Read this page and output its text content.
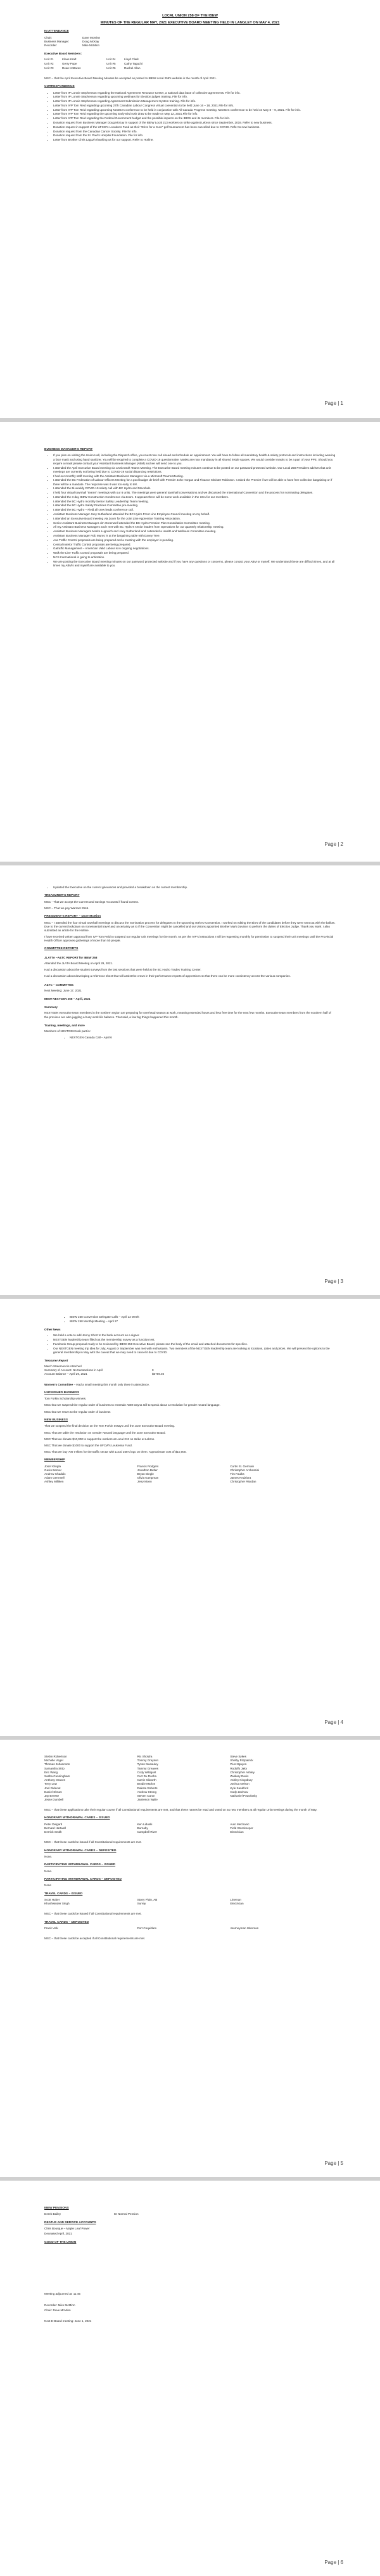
LOCAL UNION 258 OF THE IBEW
MINUTES OF THE REGULAR MAY, 2021 EXECUTIVE BOARD MEETING HELD IN LANGLEY ON MAY 4, 2021
IN ATTENDANCE
Chair:	Dave McMinn
Business Manager:	Doug McKay
Recorder:	Mike McMinn
Executive Board Members:
Unit #1	Klaus Kraft	Unit #4	Lloyd Clark
Unit #2	Gerry Pope	Unit #5	Cathy Taguchi
Unit #3	Dean Kottaras	Unit #6	Rachel Allan

MSC – that the April Executive Board Meeting Minutes be accepted as posted to IBEW Local 258's website in the month of April 2021.

CORRESPONDENCE
• Letter from IP Lonnie Stephenson regarding the National Agreement Resource Center, a national data base of collective agreements. File for info.
• Letter from IP Lonnie Stephenson regarding upcoming webinars for Election judges training. File for info.
• Letter from IP Lonnie Stephenson regarding Agreement Submission Management System training. File for info.
• Letter from IVP Tom Reid regarding upcoming 27th Canadian Labour Congress virtual convention to be held June 16 – 18, 2021.File for info.
• Letter from IVP Tom Reid regarding upcoming NextGen conference to be held in conjunction with All Canada Progress meeting. NextGen conference to be held on May 8 – 9, 2021. File for info.
• Letter from IVP Tom Reid regarding the upcoming Early Bird rush draw to be made on May 12, 2021.File for info.
• Letter from IVP Tom Reid regarding the Federal Government budget and the possible impacts on the IBEW and its members. File for info.
• Donation request from Business Manager Doug McKay in support of the IBEW Local 213 workers on strike against Lebron since September, 2019. Refer to new business.
• Donation request in support of the UFCW's Locations Fund as their "Drive for a Cure" golf tournament has been cancelled due to COVID. Refer to new business.
• Donation request from the Canadian Cancer Society. File for info.
• Donation request from the St. Paul's Hospital Foundation. File for info.
• Letter from Brother Chris Laguzh thanking us for our support. Refer to Hotline.
Page | 1
BUSINESS MANAGER'S REPORT
• If you plan on visiting the Union Hall, including the Dispatch office, you must now call ahead and schedule an appointment. You will have to follow all mandatory health & safety protocols and instructions including wearing a face mask and using hand sanitizer. You will be required to complete a COVID-19 questionnaire. Masks are now mandatory in all shared inside spaces. We would consider masks to be a part of your PPE. Should you require a mask please contact your Assistant Business Manager (ABM) and we will send one to you.
• I attended the April Executive Board meeting via a Microsoft Teams Meeting. The Executive Board meeting minutes continue to be posted on our password protected website. Our Local 258 President advises that unit meetings are currently not being held due to COVID-19 social distancing restrictions.
• I had our monthly staff meeting with the Assistant Business Managers via a Microsoft Teams Meeting.
• I attended the BC Federation of Labour Officers Meeting for a pool budget de-brief with Premier John Horgan and Finance Minister Robinson. I asked the Premier if we will be able to have free collective bargaining or if there will be a mandate. The response was it was too early to tell.
• I attended the Bi-weekly COVID-19 safety call with BC Hydro and Movehub.
• I held four virtual townhall "teams" meetings with our 6 units. The meetings were general townhall conversations and we discussed the International Convention and the process for nominating delegates.
• I attended the 3-day IBEW Construction Conference via Zoom. It appears there will be some work available in the USA for our members.
• I attended the BC Hydro monthly Senior Safety Leadership Team meeting.
• I attended the BC Hydro Safety Practices Committee pre-meeting.
• I attended the BC Hydro – Field all crew leads conference call.
• Assistant Business Manager Joey Sutherland attended the BC Hydro Front Line Employee Council meeting on my behalf.
• I attended an Executive Board meeting via Zoom for the Joint Line Apprentice Training Association.
• Senior Assistant Business Manager Jim Greenwell attended the BC Hydro Pension Plan Consultative Committee meeting.
• All my Assistant Business Managers and I met with BC Hydro's senior leaders from Operations for our quarterly relationship meeting.
• Assistant Business Managers Marko Lugovich and Joey Sutherland and I attended a Health and Wellness Committee meeting.
• Assistant Business Manager Rob Munro is at the bargaining table with Davey Tree.
• Asa Traffic Control proposals are being prepared and a meeting with the employer is pending.
• Central Interior Traffic Control proposals are being prepared.
• Gatraffic Management – Americian Valid Labour is in ongoing negotiations.
• Walk the Line Traffic Control proposals are being prepared.
• NCS International is going to arbitration.
• We are posting the Executive Board meeting minutes on our password protected website and if you have any questions or concerns, please contact your ABM or myself. We understand these are difficult times, and at all times my ABM's and myself are available to you.
Page | 2
• Updated the Executive on the current grievances and provided a breakdown on the current membership.
TREASURER'S REPORT

MSC - That we accept the Current and Savings Accounts if found correct.

MSC – That we pay Warrant #646.

PRESIDENT'S REPORT – Dave McMinn

MSC – I attended the four virtual townhall meetings to discuss the nomination process for delegates to the upcoming 40th IO Convention. I worked on editing the Bio's of the candidates before they were sent out with the ballots. Due to the current lockdown on nonessential travel and uncertainty as to if the Convention might be cancelled and our Unions appointed Brother Mark Davison to perform the duties of Election Judge. Thank you Mark. I also submitted an article for the Hotline.

I have received written approval from IVP Tom Reid to suspend our regular unit meetings for the month. As per the IVP's instructions I will be requesting monthly for permission to suspend their unit meetings until the Provincial Health Officer approves gatherings of more than 50 people.

COMMITTEE REPORTS
JLATTA –A&TC REPORT for IBEW 258

Attended the JLATA Board Meeting on April 29, 2021.

Had a discussion about the student surveys from the last sessions that were held at the BC Hydro Trades Training Center.

Had a discussion about developing a reference sheet that will assist the crews in their performance reports of apprentices so that there can be more consistency across the various companies.

A&TC – COMMITTEE:

Next Meeting: June 17, 2021

IBEW NEXTGEN 258 – April, 2021
Summary

NEXTGEN executive team members in the northern region are preparing for overhead season at work, meaning extended hours and less free time for the next few months. Executive team members from the southern half of the province are also juggling a busy work-life balance. That said, a few big things happened this month.

Training, meetings, and more

Members of NEXTGEN took part in:

• NEXTGEN Canada Call – April 6
Page | 3
• IBEW 258 Convention Delegate Calls – April 12 Week
• IBEW 258 Monthly Meeting – April 27
Other News
• We held a vote to add Jenny Short to the bank account as a signer.
• NEXTGEN leadership team filled out the membership survey as a function test.
• Facebook Group proposal ready to be reviewed by IBEW 258 Executive Board, please see the body of the email and attached documents for specifics.
• Our NEXTGEN meeting trip idea for July, August or September was met with enthusiasm. Two members of the NEXTGEN leadership team are looking at locations, dates and prices. We will present the options to the general membership in May with the caveat that we may need to cancel it due to COVID.
Treasurer Report
March Statement is Attached
Summary of Account: No transactions in April	0
Account Balance – April 29, 2021	$5769.04

Women's Committee – Had a small meeting this month only three in attendance.

UNFINISHED BUSINESS

Tom Forkin Scholarship winners.

MSC that we suspend the regular order of business to entertain ABM Dayna Gill to speak about a resolution for gender neutral language.

MSC that we return to the regular order of business

NEW BUSINESS

That we suspend the final decision on the Tom Forkin essays until the June Executive Board meeting.

MSC That we table the resolution on Gender Neutral language until the June Executive Board.

MSC That we donate $10,000 to support the workers at Local 213 on strike at Lebron.

MSC That we donate $1000 to support the UFCW's Leukemia Fund.

MSC That we buy 700 t-shirts for the traffic sector with Local 258's logo on them. Approximate cost of $10,000.

MEMBERSHIP
Josef Klingla	Francis Rodgers	Curtis St. Germain
Gavin Berner	Jonathon Butler	Christopher Archessini
Andrew Chaddic	Bryan Dingle	Tim Faulks
Adam Gemmell	Olivia Kampman	James Kedziora
Ashley Milliken	Jerry Monn	Christopher Riordan
Page | 4
Stefan Robertson	Ric Sholdra	Steve Sykes
Michelle Vogel	Tommy Grayson	Shelby Fitzpatrick
Thomas Johannson	Tyson Macauley	Pius Nguyen
Samantha Strip	Tammy Greaves	Rodolfo Jaky
Eric Wang	Cody Wildgust	Christopher Ashley
Sasha Cunningham	Curt Du Rocha	Zakkary Davis
Anthony Graves	Carrie Kilworth	Ashley Kingsbury
Terry Low	Brodie Marlon	Joshua Nelson
Joel Rideout	Dakota Roberts	Kyle Sandford
Daniel Shrum	Andrew Strong	Cody Zachow
Jay Breette	Steven Caron	Nathaniel Powolosky
Jesse Dumbell	Jamieson Wylie

MSC – that these applications take their regular course if all Constitutional requirements are met, and that these names be read and voted on as new members at all regular Unit meetings during the month of May.

HONORARY WITHDRAWAL CARDS – ISSUED
Peter Delgard	Ken Liduski	Auto Mechanic
Bernard Hartwell	Burnaby	Field Storekeeper
Derrick Smith	Campbell River	Electrician

MSC – that these cards be issued if all Constitutional requirements are met.

HONORARY WITHDRAWAL CARDS – DEPOSITED

None.

PARTICIPATING WITHDRAWAL CARDS – ISSUED

None.

PARTICIPATING WITHDRAWAL CARDS – DEPOSITED

None

TRAVEL CARDS – ISSUED
Scott Huber	Stony Plain, AB	Lineman
Khushwinder Singh	Surrey	Electrician

MSC – that these cards be issued if all Constitutional requirements are met.

TRAVEL CARDS – DEPOSITED
Frank Volk	Port Coquitlam	Journeyman Wireman

MSC – that these cards be accepted if all Constitutional requirements are met.

Page | 5
IBEW PENSIONS
Derek Bailey	ID Normal Pension
DEATHS AND SERVICE ACCOUNTS

Chris Bourque – Maple Leaf Power

Deceased April, 2021

GOOD OF THE UNION

Meeting adjourned at: 11:45

Recorder: Mike McMinn

Chair: Dave McMinn

Next E-Board meeting: June 1, 2021

Page | 6
